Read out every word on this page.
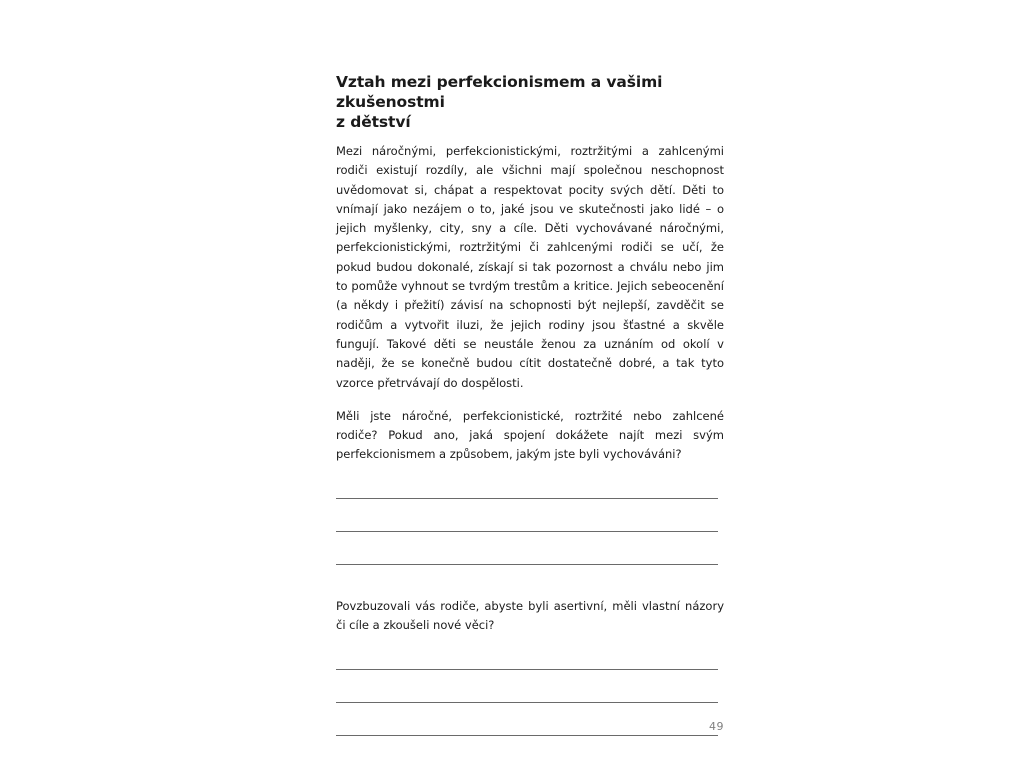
Vztah mezi perfekcionismem a vašimi zkušenostmi
z dětství

Mezi náročnými, perfekcionistickými, roztržitými a zahlcenými rodiči existují rozdíly, ale všichni mají společnou neschopnost uvědomovat si, chápat a respektovat pocity svých dětí. Děti to vnímají jako nezájem o to, jaké jsou ve skutečnosti jako lidé – o jejich myšlenky, city, sny a cíle. Děti vychovávané náročnými, perfekcionistickými, roztržitými či zahlcenými rodiči se učí, že pokud budou dokonalé, získají si tak pozornost a chválu nebo jim to pomůže vyhnout se tvrdým trestům a kritice. Jejich sebeocenění (a někdy i přežití) závisí na schopnosti být nejlepší, zavděčit se rodičům a vytvořit iluzi, že jejich rodiny jsou šťastné a skvěle fungují. Takové děti se neustále ženou za uznáním od okolí v naději, že se konečně budou cítit dostatečně dobré, a tak tyto vzorce přetrvávají do dospělosti.

Měli jste náročné, perfekcionistické, roztržité nebo zahlcené rodiče? Pokud ano, jaká spojení dokážete najít mezi svým perfekcionismem a způsobem, jakým jste byli vychováváni?

Povzbuzovali vás rodiče, abyste byli asertivní, měli vlastní názory či cíle a zkoušeli nové věci?

49
